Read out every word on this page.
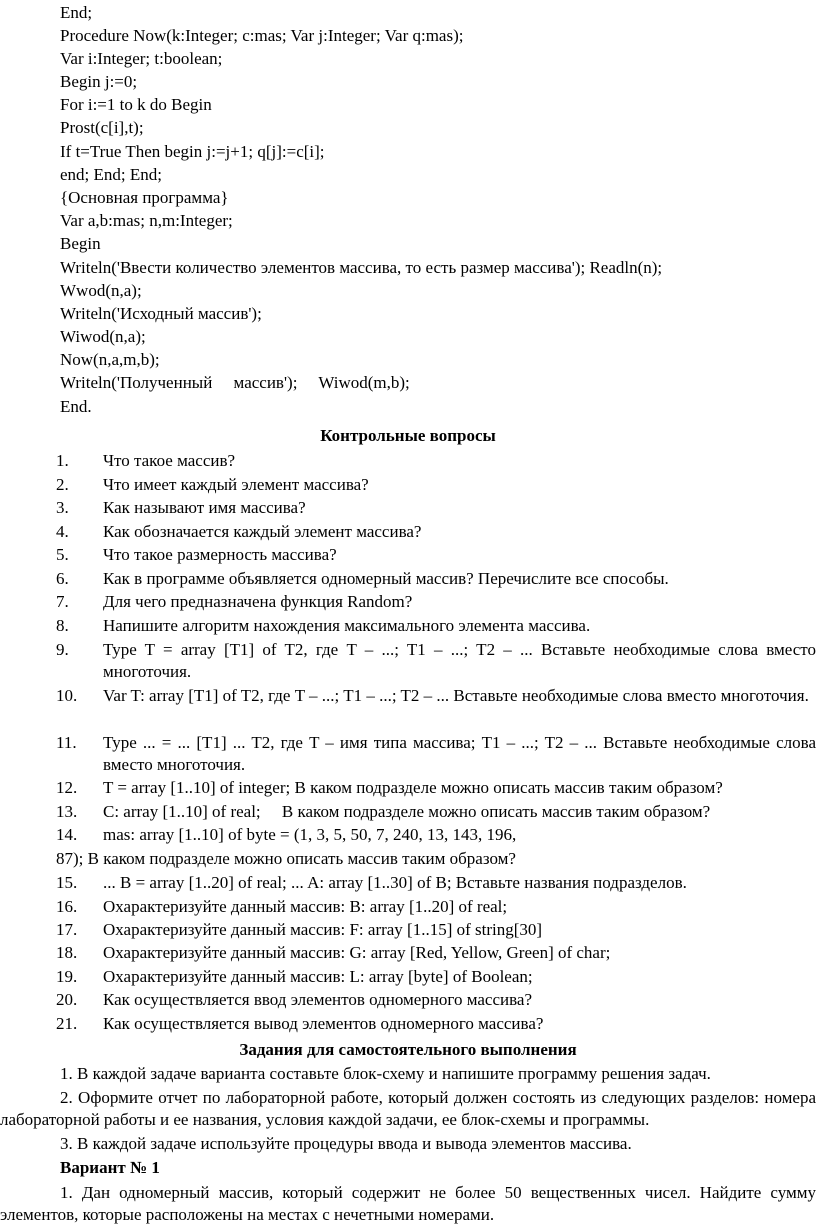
End;
Procedure Now(k:Integer; c:mas; Var j:Integer; Var q:mas);
Var i:Integer; t:boolean;
Begin j:=0;
For i:=1 to k do Begin
Prost(c[i],t);
If t=True Then begin j:=j+1; q[j]:=c[i];
end; End; End;
{Основная программа}
Var a,b:mas; n,m:Integer;
Begin
Writeln('Ввести количество элементов массива, то есть размер массива'); Readln(n);
Wwod(n,a);
Writeln('Исходный массив');
Wiwod(n,a);
Now(n,a,m,b);
Writeln('Полученный     массив');     Wiwod(m,b);
End.
Контрольные вопросы
1.	Что такое массив?
2.	Что имеет каждый элемент массива?
3.	Как называют имя массива?
4.	Как обозначается каждый элемент массива?
5.	Что такое размерность массива?
6.	Как в программе объявляется одномерный массив? Перечислите все способы.
7.	Для чего предназначена функция Random?
8.	Напишите алгоритм нахождения максимального элемента массива.
9.	Type T = array [T1] of T2, где T – ...; T1 – ...; T2 – ... Вставьте необходимые слова вместо многоточия.
10.	Var T: array [T1] of T2, где T – ...; T1 – ...; T2 – ... Вставьте необходимые слова вместо многоточия.
11.	Type ... = ... [T1] ... T2, где T – имя типа массива; T1 – ...; T2 – ... Вставьте необходимые слова вместо многоточия.
12.	T = array [1..10] of integer; В каком подразделе можно описать массив таким образом?
13.	C: array [1..10] of real;     В каком подразделе можно описать массив таким образом?
14.	mas: array [1..10] of byte = (1, 3, 5, 50, 7, 240, 13, 143, 196,
87); В каком подразделе можно описать массив таким образом?
15.	... B = array [1..20] of real; ... A: array [1..30] of B; Вставьте названия подразделов.
16.	Охарактеризуйте данный массив: B: array [1..20] of real;
17.	Охарактеризуйте данный массив: F: array [1..15] of string[30]
18.	Охарактеризуйте данный массив: G: array [Red, Yellow, Green] of char;
19.	Охарактеризуйте данный массив: L: array [byte] of Boolean;
20.	Как осуществляется ввод элементов одномерного массива?
21.	Как осуществляется вывод элементов одномерного массива?
Задания для самостоятельного выполнения
1. В каждой задаче варианта составьте блок-схему и напишите программу решения задач.
2. Оформите отчет по лабораторной работе, который должен состоять из следующих разделов: номера лабораторной работы и ее названия, условия каждой задачи, ее блок-схемы и программы.
3. В каждой задаче используйте процедуры ввода и вывода элементов массива.
Вариант № 1
1. Дан одномерный массив, который содержит не более 50 вещественных чисел. Найдите сумму элементов, которые расположены на местах с нечетными номерами.
